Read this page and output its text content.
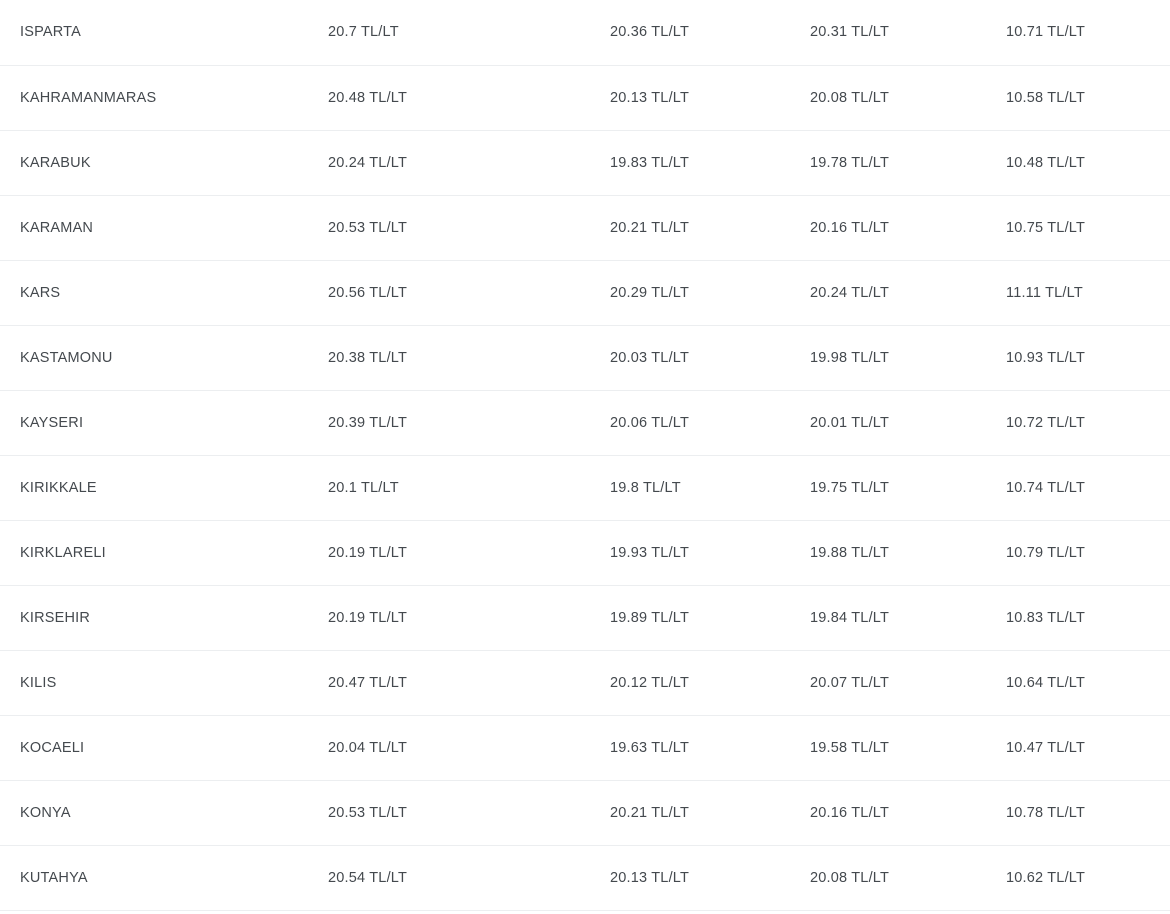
ISPARTA	20.7 TL/LT	20.36 TL/LT	20.31 TL/LT	10.71 TL/LT
KAHRAMANMARAS	20.48 TL/LT	20.13 TL/LT	20.08 TL/LT	10.58 TL/LT
KARABUK	20.24 TL/LT	19.83 TL/LT	19.78 TL/LT	10.48 TL/LT
KARAMAN	20.53 TL/LT	20.21 TL/LT	20.16 TL/LT	10.75 TL/LT
KARS	20.56 TL/LT	20.29 TL/LT	20.24 TL/LT	11.11 TL/LT
KASTAMONU	20.38 TL/LT	20.03 TL/LT	19.98 TL/LT	10.93 TL/LT
KAYSERI	20.39 TL/LT	20.06 TL/LT	20.01 TL/LT	10.72 TL/LT
KIRIKKALE	20.1 TL/LT	19.8 TL/LT	19.75 TL/LT	10.74 TL/LT
KIRKLARELI	20.19 TL/LT	19.93 TL/LT	19.88 TL/LT	10.79 TL/LT
KIRSEHIR	20.19 TL/LT	19.89 TL/LT	19.84 TL/LT	10.83 TL/LT
KILIS	20.47 TL/LT	20.12 TL/LT	20.07 TL/LT	10.64 TL/LT
KOCAELI	20.04 TL/LT	19.63 TL/LT	19.58 TL/LT	10.47 TL/LT
KONYA	20.53 TL/LT	20.21 TL/LT	20.16 TL/LT	10.78 TL/LT
KUTAHYA	20.54 TL/LT	20.13 TL/LT	20.08 TL/LT	10.62 TL/LT
